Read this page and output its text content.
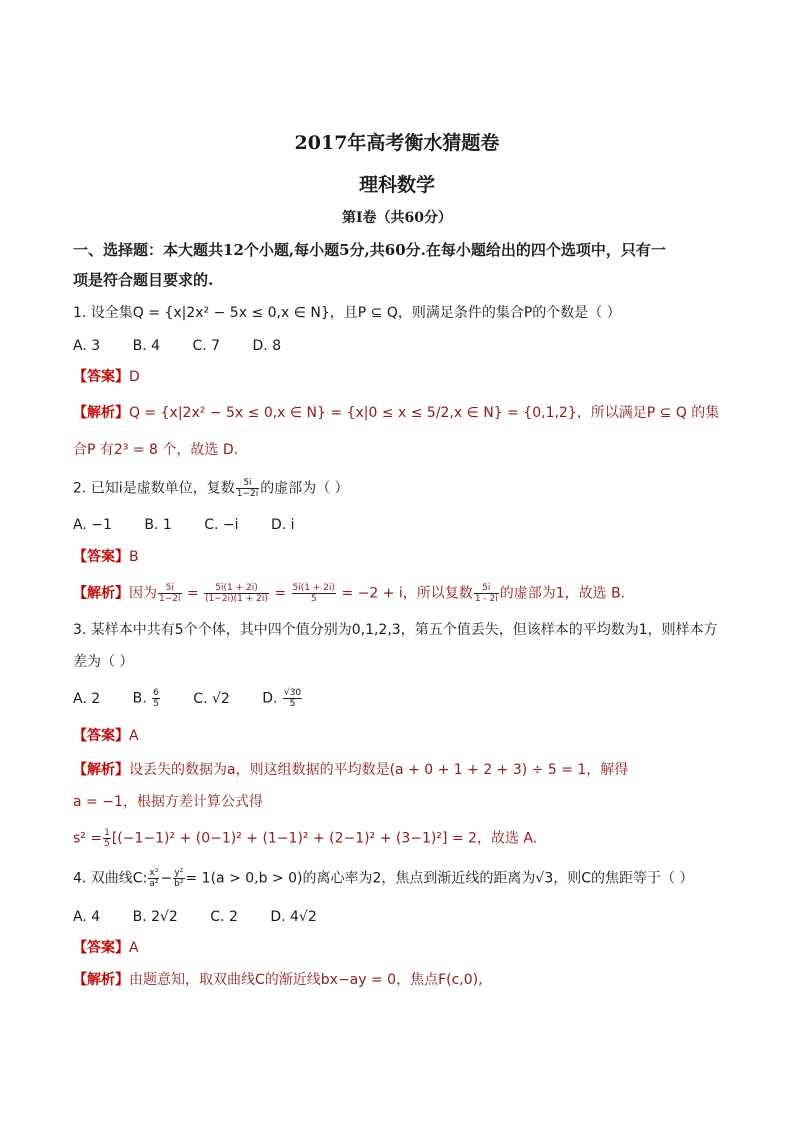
2017年高考衡水猜题卷
理科数学
第Ⅰ卷（共60分）
一、选择题：本大题共12个小题,每小题5分,共60分.在每小题给出的四个选项中，只有一
项是符合题目要求的.
1. 设全集Q = {x|2x² − 5x ≤ 0,x ∈ N}，且P ⊆ Q，则满足条件的集合P的个数是（ ）
A. 3 B. 4 C. 7 D. 8
【答案】D
【解析】Q = {x|2x² − 5x ≤ 0,x ∈ N} = {x|0 ≤ x ≤ 5/2,x ∈ N} = {0,1,2}，所以满足P ⊆ Q 的集
合P 有2³ = 8 个，故选 D.
2. 已知i是虚数单位，复数 $\frac{5i}{1-2i}$ 的虚部为（ ）
A. −1 B. 1 C. −i D. i
【答案】B
【解析】因为 $\frac{5i}{1-2i} = \frac{5i(1 + 2i)}{(1-2i)(1 + 2i)} = \frac{5i(1 + 2i)}{5} = -2 + i$，所以复数 $\frac{5i}{1 - 2i}$ 的虚部为1，故选 B.
3. 某样本中共有5个个体，其中四个值分别为0,1,2,3，第五个值丢失，但该样本的平均数为1，则样本方
差为（ ）
A. 2 B. $\frac{6}{5} C$. √2 D. $\frac{√30}{5}$
【答案】A
【解析】设丢失的数据为a，则这组数据的平均数是(a + 0 + 1 + 2 + 3) ÷ 5 = 1，解得
a = −1，根据方差计算公式得
$s^2 = \frac{1}{5} [(-1-1)^2 + (0-1)^2 + (1-1)^2 + (2-1)^2 + (3-1)^2] = 2$，故选 A.
4. 双曲线C: $\frac{\text{x²}}{\text{a²}} - \frac{\text{y²}}{\text{b²}} = 1(a > 0,b > 0)$的离心率为2，焦点到渐近线的距离为√3，则C的焦距等于（ ）
A. 4 B. 2√2 C. 2 D. 4√2
【答案】A
【解析】由题意知，取双曲线C的渐近线bx−ay = 0，焦点F(c,0),
